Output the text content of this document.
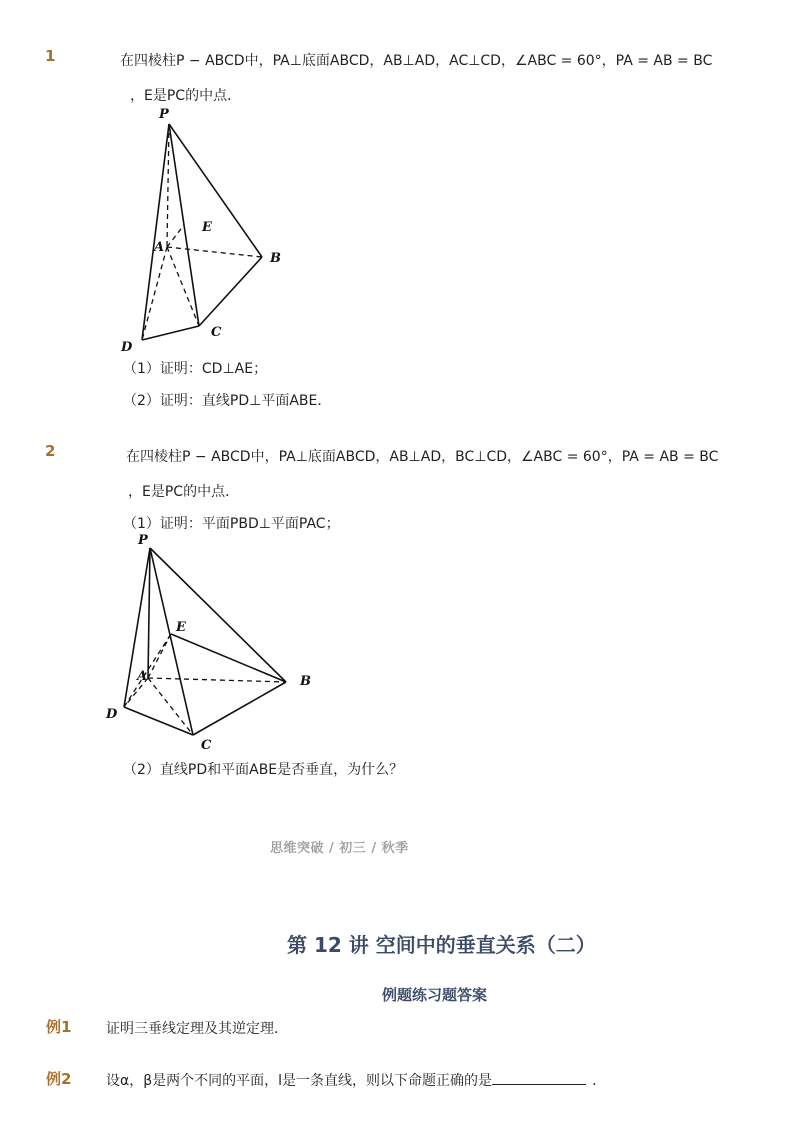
1	在四棱柱P − ABCD中，PA⊥底面ABCD，AB⊥AD，AC⊥CD，∠ABC = 60°，PA = AB = BC
，E是PC的中点．
P
A
B
C
D
E
（1）证明：CD⊥AE；
（2）证明：直线PD⊥平面ABE．
2	在四棱柱P − ABCD中，PA⊥底面ABCD，AB⊥AD，BC⊥CD，∠ABC = 60°，PA = AB = BC
，E是PC的中点．
（1）证明：平面PBD⊥平面PAC；
P
A	B
C
D
E
（2）直线PD和平面ABE是否垂直，为什么？
思维突破 / 初三 / 秋季
第 12 讲 空间中的垂直关系（二）
例题练习题答案
例1 证明三垂线定理及其逆定理．
例2 设α，β是两个不同的平面，l是一条直线，则以下命题正确的是	．
